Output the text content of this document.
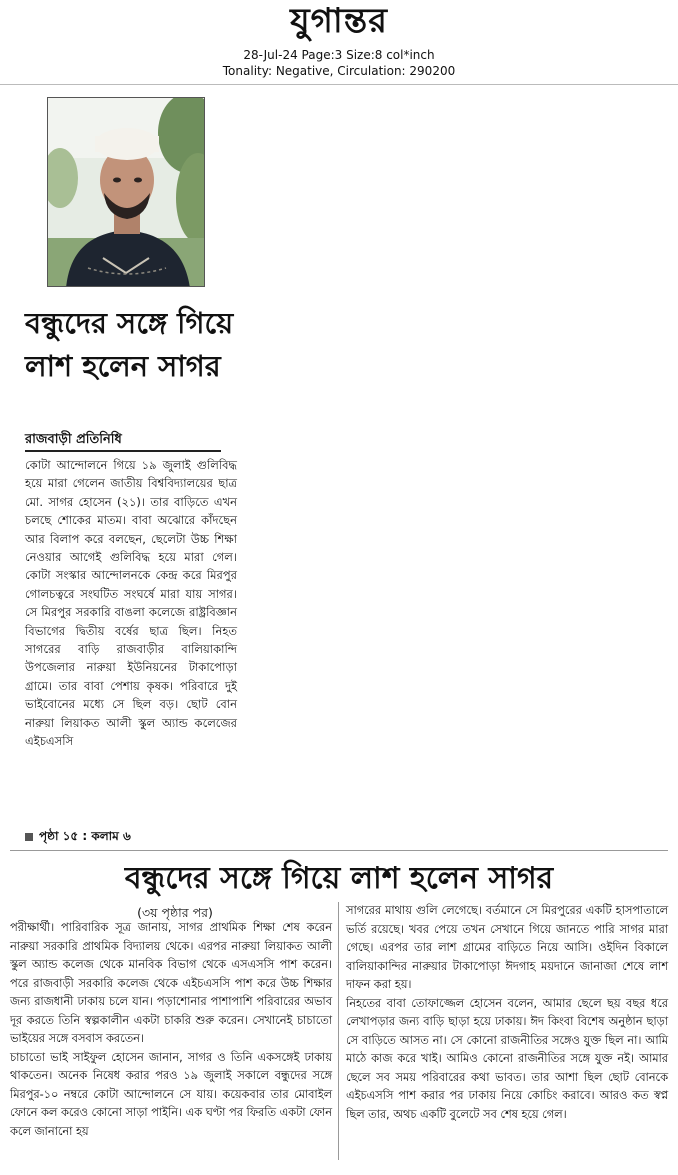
যুগান্তর
28-Jul-24 Page:3 Size:8 col*inch
Tonality: Negative, Circulation: 290200
বন্ধুদের সঙ্গে গিয়ে লাশ হলেন সাগর
রাজবাড়ী প্রতিনিধি

কোটা আন্দোলনে গিয়ে ১৯ জুলাই গুলিবিদ্ধ হয়ে মারা গেলেন জাতীয় বিশ্ববিদ্যালয়ের ছাত্র মো. সাগর হোসেন (২১)। তার বাড়িতে এখন চলছে শোকের মাতম। বাবা অঝোরে কাঁদছেন আর বিলাপ করে বলছেন, ছেলেটা উচ্চ শিক্ষা নেওয়ার আগেই গুলিবিদ্ধ হয়ে মারা গেল। কোটা সংস্কার আন্দোলনকে কেন্দ্র করে মিরপুর গোলচত্বরে সংঘটিত সংঘর্ষে মারা যায় সাগর। সে মিরপুর সরকারি বাঙলা কলেজে রাষ্ট্রবিজ্ঞান বিভাগের দ্বিতীয় বর্ষের ছাত্র ছিল। নিহত সাগরের বাড়ি রাজবাড়ীর বালিয়াকান্দি উপজেলার নারুয়া ইউনিয়নের টাকাপোড়া গ্রামে। তার বাবা পেশায় কৃষক। পরিবারে দুই ভাইবোনের মধ্যে সে ছিল বড়। ছোট বোন নারুয়া লিয়াকত আলী স্কুল অ্যান্ড কলেজের এইচএসসি

পৃষ্ঠা ১৫ : কলাম ৬
বন্ধুদের সঙ্গে গিয়ে লাশ হলেন সাগর
(৩য় পৃষ্ঠার পর)

পরীক্ষার্থী। পারিবারিক সূত্র জানায়, সাগর প্রাথমিক শিক্ষা শেষ করেন নারুয়া সরকারি প্রাথমিক বিদ্যালয় থেকে। এরপর নারুয়া লিয়াকত আলী স্কুল অ্যান্ড কলেজ থেকে মানবিক বিভাগ থেকে এসএসসি পাশ করেন। পরে রাজবাড়ী সরকারি কলেজ থেকে এইচএসসি পাশ করে উচ্চ শিক্ষার জন্য রাজধানী ঢাকায় চলে যান। পড়াশোনার পাশাপাশি পরিবারের অভাব দূর করতে তিনি স্বল্পকালীন একটা চাকরি শুরু করেন। সেখানেই চাচাতো ভাইয়ের সঙ্গে বসবাস করতেন।

চাচাতো ভাই সাইফুল হোসেন জানান, সাগর ও তিনি একসঙ্গেই ঢাকায় থাকতেন। অনেক নিষেধ করার পরও ১৯ জুলাই সকালে বন্ধুদের সঙ্গে মিরপুর-১০ নম্বরে কোটা আন্দোলনে সে যায়। কয়েকবার তার মোবাইল ফোনে কল করেও কোনো সাড়া পাইনি। এক ঘণ্টা পর ফিরতি একটা ফোন কলে জানানো হয়

সাগরের মাথায় গুলি লেগেছে। বর্তমানে সে মিরপুরের একটি হাসপাতালে ভর্তি রয়েছে। খবর পেয়ে তখন সেখানে গিয়ে জানতে পারি সাগর মারা গেছে। এরপর তার লাশ গ্রামের বাড়িতে নিয়ে আসি। ওইদিন বিকালে বালিয়াকান্দির নারুয়ার টাকাপোড়া ঈদগাহ ময়দানে জানাজা শেষে লাশ দাফন করা হয়।

নিহতের বাবা তোফাজ্জেল হোসেন বলেন, আমার ছেলে ছয় বছর ধরে লেখাপড়ার জন্য বাড়ি ছাড়া হয়ে ঢাকায়। ঈদ কিংবা বিশেষ অনুষ্ঠান ছাড়া সে বাড়িতে আসত না। সে কোনো রাজনীতির সঙ্গেও যুক্ত ছিল না। আমি মাঠে কাজ করে খাই। আমিও কোনো রাজনীতির সঙ্গে যুক্ত নই। আমার ছেলে সব সময় পরিবারের কথা ভাবত। তার আশা ছিল ছোট বোনকে এইচএসসি পাশ করার পর ঢাকায় নিয়ে কোচিং করাবে। আরও কত স্বপ্ন ছিল তার, অথচ একটি বুলেটে সব শেষ হয়ে গেল।
